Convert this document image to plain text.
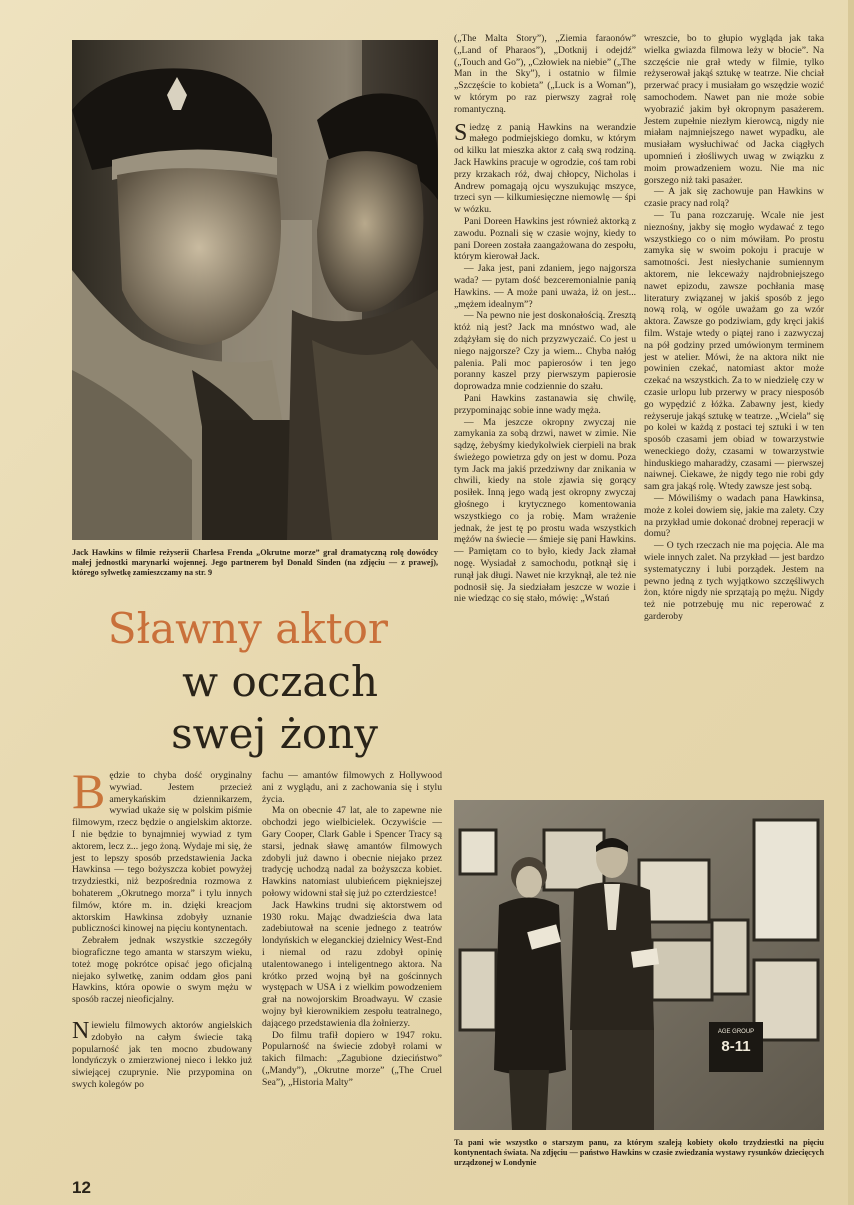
Jack Hawkins w filmie reżyserii Charlesa Frenda „Okrutne morze” grał dramatyczną rolę dowódcy małej jednostki marynarki wojennej. Jego partnerem był Donald Sinden (na zdjęciu — z prawej), którego sylwetkę zamieszczamy na str. 9
Sławny aktor
w oczach
swej żony

Będzie to chyba dość oryginalny wywiad. Jestem przecież amerykańskim dziennikarzem, wywiad ukaże się w polskim piśmie filmowym, rzecz będzie o angielskim aktorze. I nie będzie to bynajmniej wywiad z tym aktorem, lecz z... jego żoną. Wydaje mi się, że jest to lepszy sposób przedstawienia Jacka Hawkinsa — tego bożyszcza kobiet powyżej trzydziestki, niż bezpośrednia rozmowa z bohaterem „Okrutnego morza” i tylu innych filmów, które m. in. dzięki kreacjom aktorskim Hawkinsa zdobyły uznanie publiczności kinowej na pięciu kontynentach.

Zebrałem jednak wszystkie szczegóły biograficzne tego amanta w starszym wieku, toteż mogę pokrótce opisać jego oficjalną niejako sylwetkę, zanim oddam głos pani Hawkins, która opowie o swym mężu w sposób raczej nieoficjalny.

Niewielu filmowych aktorów angielskich zdobyło na całym świecie taką popularność jak ten mocno zbudowany londyńczyk o zmierzwionej nieco i lekko już siwiejącej czuprynie. Nie przypomina on swych kolegów po

fachu — amantów filmowych z Hollywood ani z wyglądu, ani z zachowania się i stylu życia.

Ma on obecnie 47 lat, ale to zapewne nie obchodzi jego wielbicielek. Oczywiście — Gary Cooper, Clark Gable i Spencer Tracy są starsi, jednak sławę amantów filmowych zdobyli już dawno i obecnie niejako przez tradycję uchodzą nadal za bożyszcza kobiet. Hawkins natomiast ulubieńcem piękniejszej połowy widowni stał się już po czterdziestce!

Jack Hawkins trudni się aktorstwem od 1930 roku. Mając dwadzieścia dwa lata zadebiutował na scenie jednego z teatrów londyńskich w eleganckiej dzielnicy West-End i niemal od razu zdobył opinię utalentowanego i inteligentnego aktora. Na krótko przed wojną był na gościnnych występach w USA i z wielkim powodzeniem grał na nowojorskim Broadwayu. W czasie wojny był kierownikiem zespołu teatralnego, dającego przedstawienia dla żołnierzy.

Do filmu trafił dopiero w 1947 roku. Popularność na świecie zdobył rolami w takich filmach: „Zagubione dzieciństwo” („Mandy”), „Okrutne morze” („The Cruel Sea”), „Historia Malty”

(„The Malta Story”), „Ziemia faraonów” („Land of Pharaos”), „Dotknij i odejdź” („Touch and Go”), „Człowiek na niebie” („The Man in the Sky”), i ostatnio w filmie „Szczęście to kobieta” („Luck is a Woman”), w którym po raz pierwszy zagrał rolę romantyczną.

Siedzę z panią Hawkins na werandzie małego podmiejskiego domku, w którym od kilku lat mieszka aktor z całą swą rodziną. Jack Hawkins pracuje w ogrodzie, coś tam robi przy krzakach róż, dwaj chłopcy, Nicholas i Andrew pomagają ojcu wyszukując mszyce, trzeci syn — kilkumiesięczne niemowlę — śpi w wózku.

Pani Doreen Hawkins jest również aktorką z zawodu. Poznali się w czasie wojny, kiedy to pani Doreen została zaangażowana do zespołu, którym kierował Jack.

— Jaka jest, pani zdaniem, jego najgorsza wada? — pytam dość bezceremonialnie panią Hawkins. — A może pani uważa, iż on jest... „mężem idealnym”?

— Na pewno nie jest doskonałością. Zresztą któż nią jest? Jack ma mnóstwo wad, ale zdążyłam się do nich przyzwyczaić. Co jest u niego najgorsze? Czy ja wiem... Chyba nałóg palenia. Pali moc papierosów i ten jego poranny kaszel przy pierwszym papierosie doprowadza mnie codziennie do szału.

Pani Hawkins zastanawia się chwilę, przypominając sobie inne wady męża.

— Ma jeszcze okropny zwyczaj nie zamykania za sobą drzwi, nawet w zimie. Nie sądzę, żebyśmy kiedykolwiek cierpieli na brak świeżego powietrza gdy on jest w domu. Poza tym Jack ma jakiś przedziwny dar znikania w chwili, kiedy na stole zjawia się gorący posiłek. Inną jego wadą jest okropny zwyczaj głośnego i krytycznego komentowania wszystkiego co ja robię. Mam wrażenie jednak, że jest tę po prostu wada wszystkich mężów na świecie — śmieje się pani Hawkins. — Pamiętam co to było, kiedy Jack złamał nogę. Wysiadał z samochodu, potknął się i runął jak długi. Nawet nie krzyknął, ale też nie podnosił się. Ja siedziałam jeszcze w wozie i nie wiedząc co się stało, mówię: „Wstań

wreszcie, bo to głupio wygląda jak taka wielka gwiazda filmowa leży w błocie”. Na szczęście nie grał wtedy w filmie, tylko reżyserował jakąś sztukę w teatrze. Nie chciał przerwać pracy i musiałam go wszędzie wozić samochodem. Nawet pan nie może sobie wyobrazić jakim był okropnym pasażerem. Jestem zupełnie niezłym kierowcą, nigdy nie miałam najmniejszego nawet wypadku, ale musiałam wysłuchiwać od Jacka ciągłych upomnień i złośliwych uwag w związku z moim prowadzeniem wozu. Nie ma nic gorszego niż taki pasażer.

— A jak się zachowuje pan Hawkins w czasie pracy nad rolą?

— Tu pana rozczaruję. Wcale nie jest nieznośny, jakby się mogło wydawać z tego wszystkiego co o nim mówiłam. Po prostu zamyka się w swoim pokoju i pracuje w samotności. Jest niesłychanie sumiennym aktorem, nie lekceważy najdrobniejszego nawet epizodu, zawsze pochłania masę literatury związanej w jakiś sposób z jego nową rolą, w ogóle uważam go za wzór aktora. Zawsze go podziwiam, gdy kręci jakiś film. Wstaje wtedy o piątej rano i zazwyczaj na pół godziny przed umówionym terminem jest w atelier. Mówi, że na aktora nikt nie powinien czekać, natomiast aktor może czekać na wszystkich. Za to w niedzielę czy w czasie urlopu lub przerwy w pracy niesposób go wypędzić z łóżka. Zabawny jest, kiedy reżyseruje jakąś sztukę w teatrze. „Wciela” się po kolei w każdą z postaci tej sztuki i w ten sposób czasami jem obiad w towarzystwie weneckiego doży, czasami w towarzystwie hinduskiego maharadży, czasami — pierwszej naiwnej. Ciekawe, że nigdy tego nie robi gdy sam gra jakąś rolę. Wtedy zawsze jest sobą.

— Mówiliśmy o wadach pana Hawkinsa, może z kolei dowiem się, jakie ma zalety. Czy na przykład umie dokonać drobnej reperacji w domu?

— O tych rzeczach nie ma pojęcia. Ale ma wiele innych zalet. Na przykład — jest bardzo systematyczny i lubi porządek. Jestem na pewno jedną z tych wyjątkowo szczęśliwych żon, które nigdy nie sprzątają po mężu. Nigdy też nie potrzebuję mu nic reperować z garderoby

AGE GROUP
8-11
Ta pani wie wszystko o starszym panu, za którym szaleją kobiety około trzydziestki na pięciu kontynentach świata. Na zdjęciu — państwo Hawkins w czasie zwiedzania wystawy rysunków dziecięcych urządzonej w Londynie
12
